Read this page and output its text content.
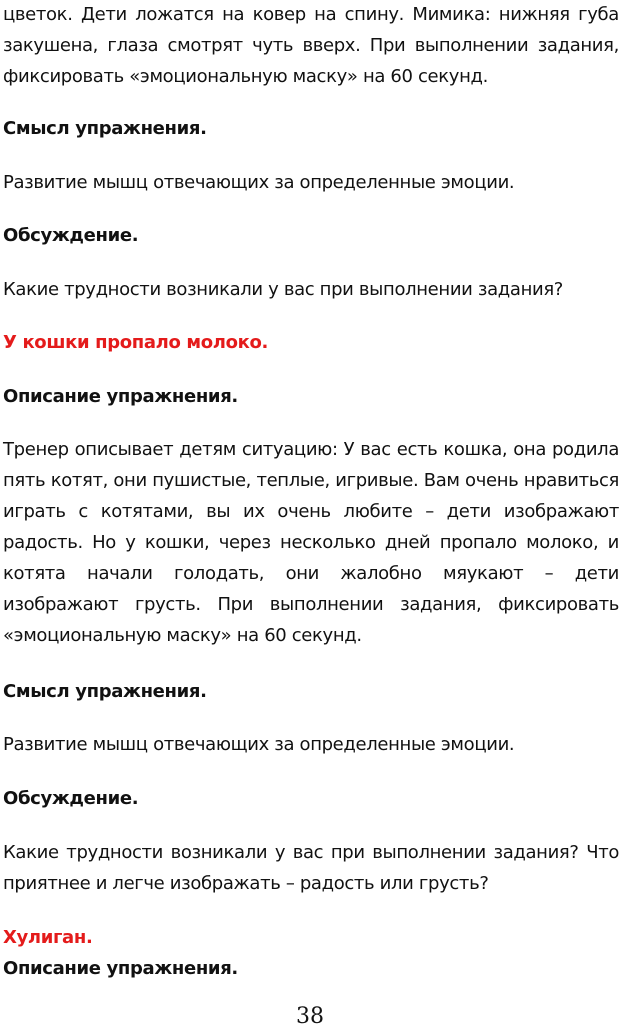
цветок. Дети ложатся на ковер на спину. Мимика: нижняя губа закушена, глаза смотрят чуть вверх. При выполнении задания, фиксировать «эмоциональную маску» на 60 секунд.

Смысл упражнения.

Развитие мышц отвечающих за определенные эмоции.

Обсуждение.

Какие трудности возникали у вас при выполнении задания?

У кошки пропало молоко.

Описание упражнения.

Тренер описывает детям ситуацию: У вас есть кошка, она родила пять котят, они пушистые, теплые, игривые. Вам очень нравиться играть с котятами, вы их очень любите – дети изображают радость. Но у кошки, через несколько дней пропало молоко, и котята начали голодать, они жалобно мяукают – дети изображают грусть. При выполнении задания, фиксировать «эмоциональную маску» на 60 секунд.

Смысл упражнения.

Развитие мышц отвечающих за определенные эмоции.

Обсуждение.

Какие трудности возникали у вас при выполнении задания? Что приятнее и легче изображать – радость или грусть?

Хулиган.

Описание упражнения.

38
